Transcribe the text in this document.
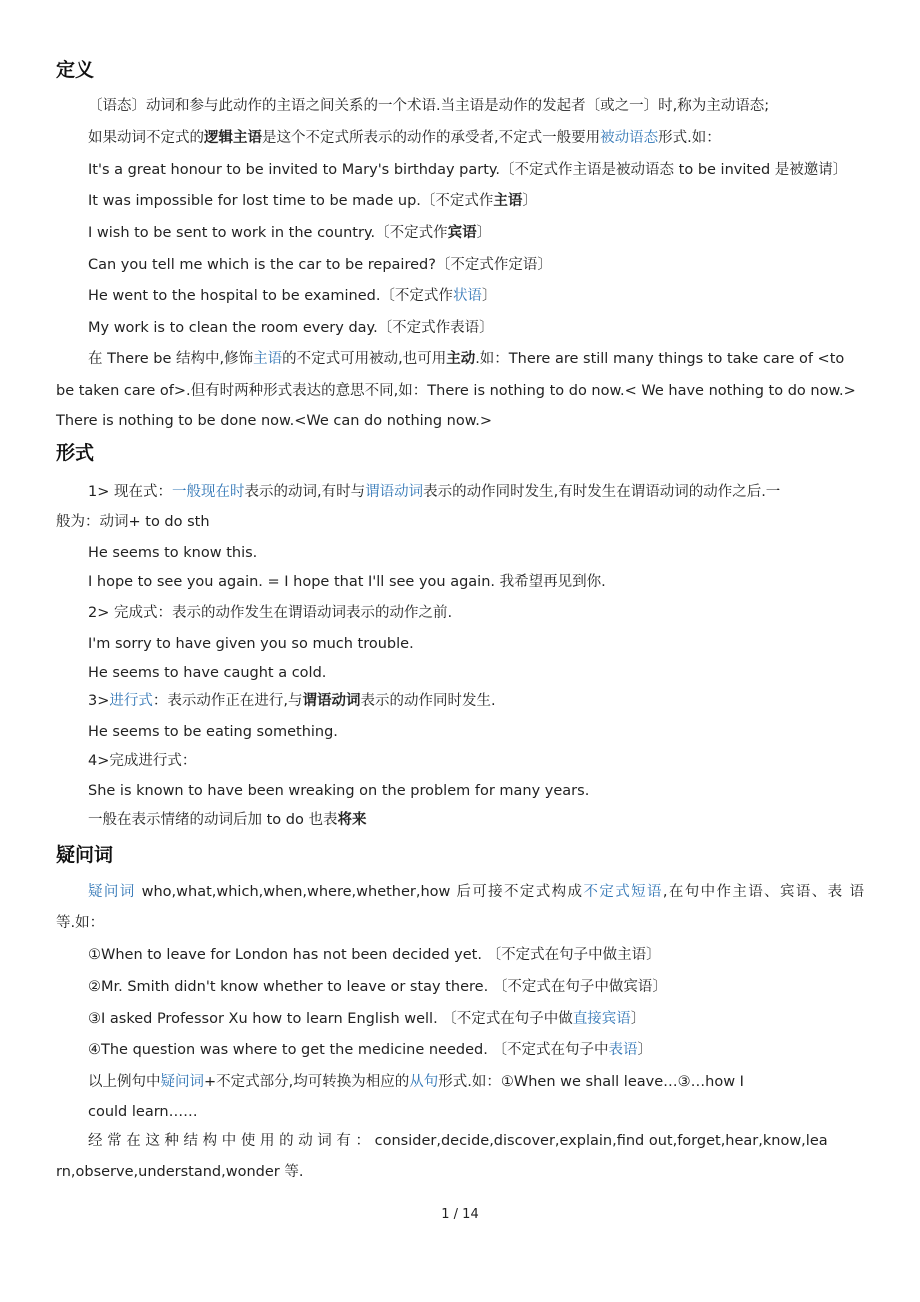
定义
〔语态〕动词和参与此动作的主语之间关系的一个术语.当主语是动作的发起者〔或之一〕时,称为主动语态;
如果动词不定式的逻辑主语是这个不定式所表示的动作的承受者,不定式一般要用被动语态形式.如：
It's a great honour to be invited to Mary's birthday party.〔不定式作主语是被动语态 to be invited 是被邀请〕
It was impossible for lost time to be made up.〔不定式作主语〕
I wish to be sent to work in the country.〔不定式作宾语〕
Can you tell me which is the car to be repaired?〔不定式作定语〕
He went to the hospital to be examined.〔不定式作状语〕
My work is to clean the room every day.〔不定式作表语〕
在 There be 结构中,修饰主语的不定式可用被动,也可用主动.如：There are still many things to take care of <to
be taken care of>.但有时两种形式表达的意思不同,如：There is nothing to do now.< We have nothing to do now.>
There is nothing to be done now.<We can do nothing now.>
形式
1> 现在式：一般现在时表示的动词,有时与谓语动词表示的动作同时发生,有时发生在谓语动词的动作之后.一
般为：动词+ to do sth
He seems to know this.
I hope to see you again. = I hope that I'll see you again. 我希望再见到你.
2> 完成式：表示的动作发生在谓语动词表示的动作之前.
I'm sorry to have given you so much trouble.
He seems to have caught a cold.
3>进行式：表示动作正在进行,与谓语动词表示的动作同时发生.
He seems to be eating something.
4>完成进行式：
She is known to have been wreaking on the problem for many years.
一般在表示情绪的动词后加 to do 也表将来
疑问词
疑问词 who,what,which,when,where,whether,how 后可接不定式构成不定式短语,在句中作主语、宾语、表 语
等.如：
①When to leave for London has not been decided yet. 〔不定式在句子中做主语〕
②Mr. Smith didn't know whether to leave or stay there. 〔不定式在句子中做宾语〕
③I asked Professor Xu how to learn English well. 〔不定式在句子中做直接宾语〕
④The question was where to get the medicine needed. 〔不定式在句子中表语〕
以上例句中疑问词+不定式部分,均可转换为相应的从句形式.如：①When we shall leave…③…how I
could learn……
经 常 在 这 种 结 构 中 使 用 的 动 词 有 ： consider,decide,discover,explain,find out,forget,hear,know,lea
rn,observe,understand,wonder 等.
1 / 14
